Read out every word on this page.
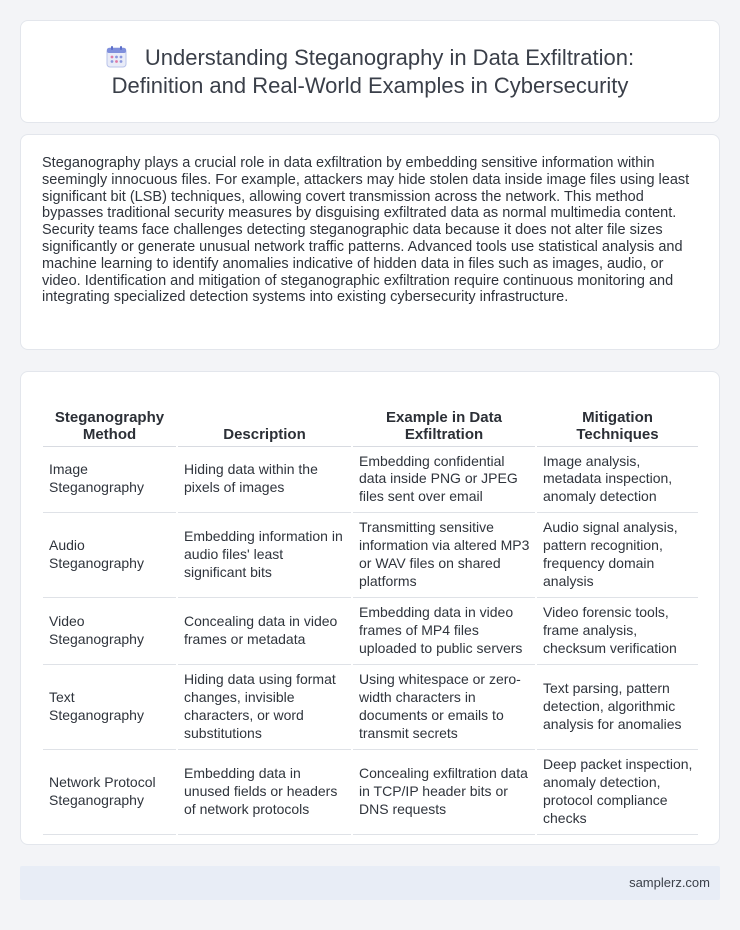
Understanding Steganography in Data Exfiltration: Definition and Real-World Examples in Cybersecurity

Steganography plays a crucial role in data exfiltration by embedding sensitive information within seemingly innocuous files. For example, attackers may hide stolen data inside image files using least significant bit (LSB) techniques, allowing covert transmission across the network. This method bypasses traditional security measures by disguising exfiltrated data as normal multimedia content. Security teams face challenges detecting steganographic data because it does not alter file sizes significantly or generate unusual network traffic patterns. Advanced tools use statistical analysis and machine learning to identify anomalies indicative of hidden data in files such as images, audio, or video. Identification and mitigation of steganographic exfiltration require continuous monitoring and integrating specialized detection systems into existing cybersecurity infrastructure.

Steganography Method	Description	Example in Data Exfiltration	Mitigation Techniques
Image Steganography	Hiding data within the pixels of images	Embedding confidential data inside PNG or JPEG files sent over email	Image analysis, metadata inspection, anomaly detection
Audio Steganography	Embedding information in audio files' least significant bits	Transmitting sensitive information via altered MP3 or WAV files on shared platforms	Audio signal analysis, pattern recognition, frequency domain analysis
Video Steganography	Concealing data in video frames or metadata	Embedding data in video frames of MP4 files uploaded to public servers	Video forensic tools, frame analysis, checksum verification
Text Steganography	Hiding data using format changes, invisible characters, or word substitutions	Using whitespace or zero-width characters in documents or emails to transmit secrets	Text parsing, pattern detection, algorithmic analysis for anomalies
Network Protocol Steganography	Embedding data in unused fields or headers of network protocols	Concealing exfiltration data in TCP/IP header bits or DNS requests	Deep packet inspection, anomaly detection, protocol compliance checks
samplerz.com
